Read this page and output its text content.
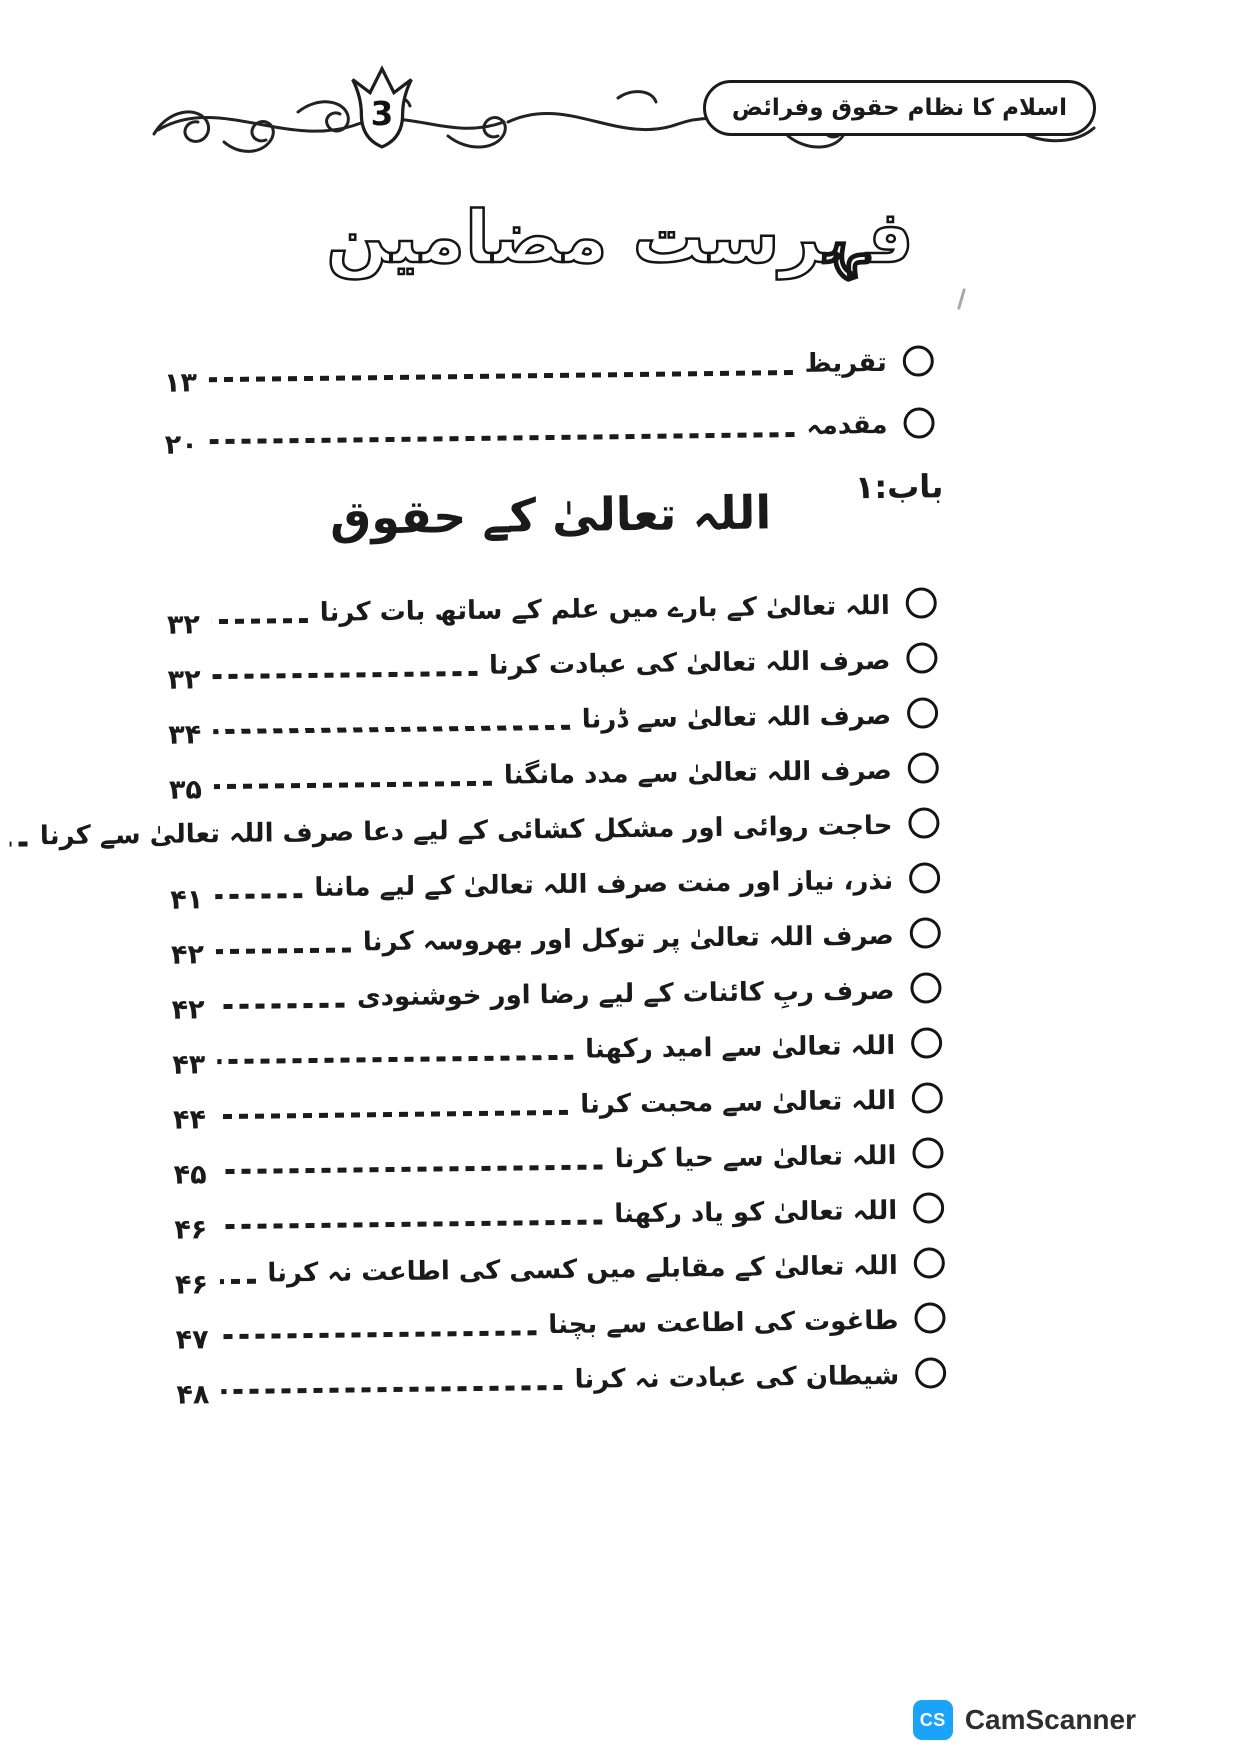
3	اسلام کا نظام حقوق وفرائض
فہرست مضامین
تقریظ
۱۳
مقدمہ
۲۰
باب:۱
اللہ تعالیٰ کے حقوق
اللہ تعالیٰ کے بارے میں علم کے ساتھ بات کرنا
۳۲
صرف اللہ تعالیٰ کی عبادت کرنا
۳۲
صرف اللہ تعالیٰ سے ڈرنا
۳۴
صرف اللہ تعالیٰ سے مدد مانگنا
۳۵
حاجت روائی اور مشکل کشائی کے لیے دعا صرف اللہ تعالیٰ سے کرنا
نذر، نیاز اور منت صرف اللہ تعالیٰ کے لیے ماننا
۴۱
صرف اللہ تعالیٰ پر توکل اور بھروسہ کرنا
۴۲
صرف ربِ کائنات کے لیے رضا اور خوشنودی
۴۲
اللہ تعالیٰ سے امید رکھنا
۴۳
اللہ تعالیٰ سے محبت کرنا
۴۴
اللہ تعالیٰ سے حیا کرنا
۴۵
اللہ تعالیٰ کو یاد رکھنا
۴۶
اللہ تعالیٰ کے مقابلے میں کسی کی اطاعت نہ کرنا
۴۶
طاغوت کی اطاعت سے بچنا
۴۷
شیطان کی عبادت نہ کرنا
۴۸
CS CamScanner
